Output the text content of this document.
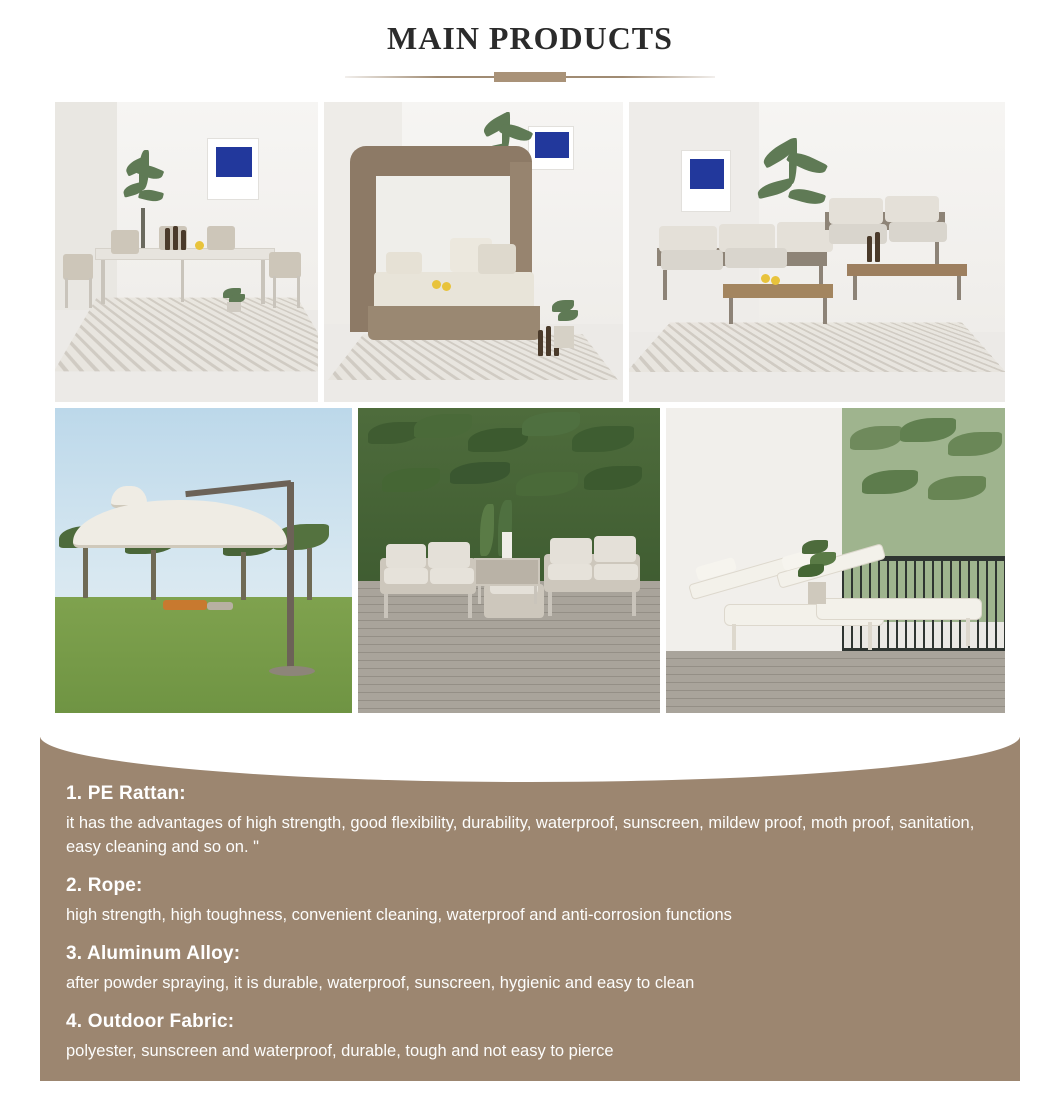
MAIN PRODUCTS

1. PE Rattan:

it has the advantages of high strength, good flexibility, durability, waterproof, sunscreen, mildew proof, moth proof, sanitation, easy cleaning and so on. "

2. Rope:

high strength, high toughness, convenient cleaning, waterproof and anti-corrosion functions

3. Aluminum Alloy:

after powder spraying, it is durable, waterproof, sunscreen, hygienic and easy to clean

4. Outdoor Fabric:

polyester, sunscreen and waterproof, durable, tough and not easy to pierce
